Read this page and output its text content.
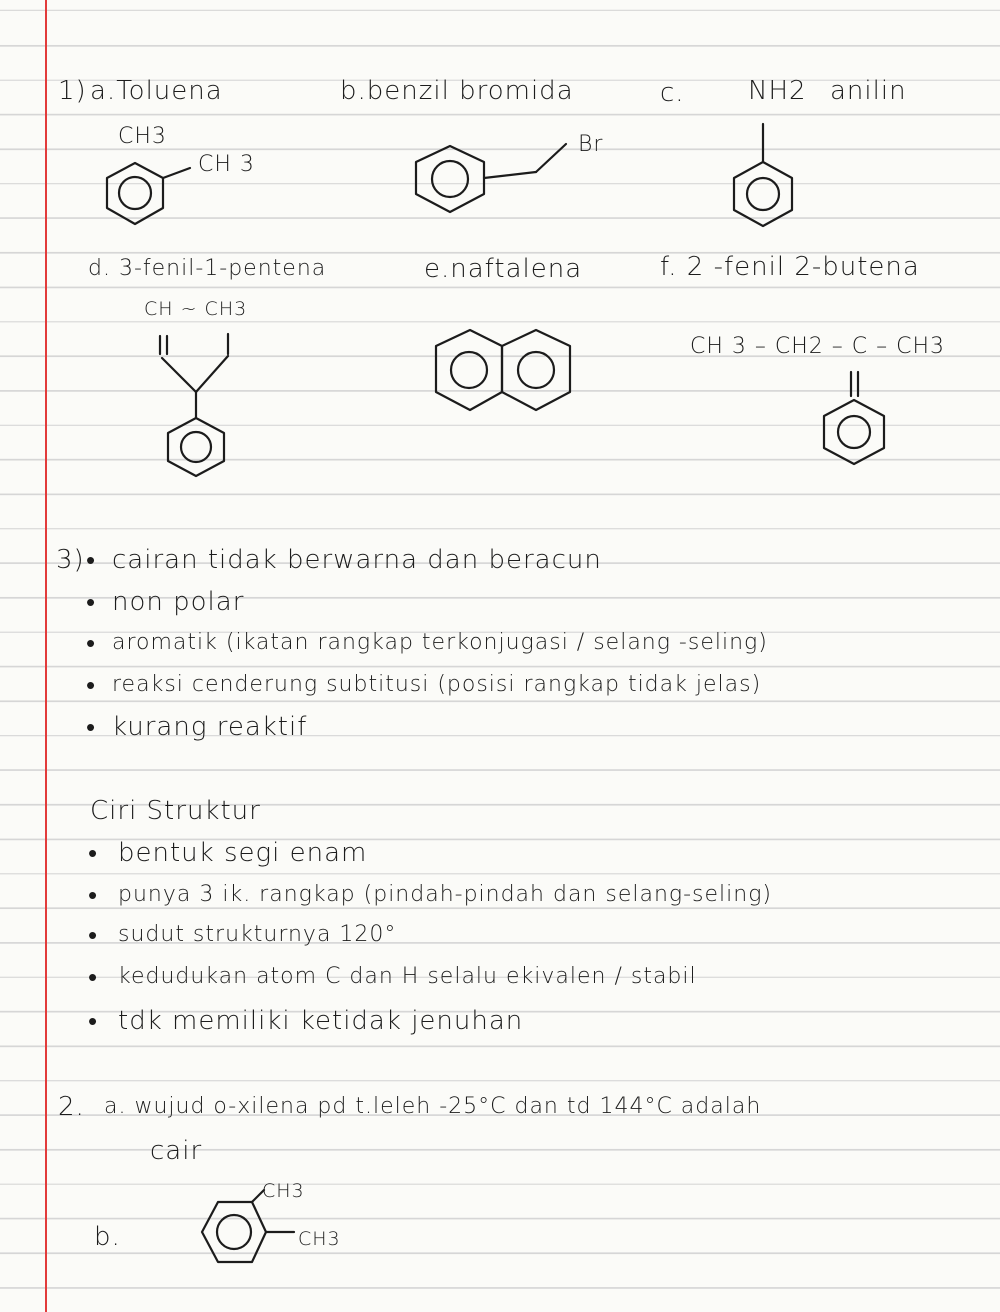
1) a.Toluena
CH3
CH 3
b.benzil bromida
Br
c. NH2 anilin
d. 3-fenil-1-pentena
CH ~ CH3
e.naftalena	f. 2 -fenil 2-butena
CH 3 – CH2 – C – CH3
3) • cairan tidak berwarna dan beracun
• non polar
• aromatik (ikatan rangkap terkonjugasi / selang -seling)
• reaksi cenderung subtitusi (posisi rangkap tidak jelas)
• kurang reaktif
Ciri Struktur
• bentuk segi enam
• punya 3 ik. rangkap (pindah-pindah dan selang-seling)
• sudut strukturnya 120°
• kedudukan atom C dan H selalu ekivalen / stabil
• tdk memiliki ketidak jenuhan
2. a. wujud o-xilena pd t.leleh -25°C dan td 144°C adalah
cair
b.
CH3
CH3
